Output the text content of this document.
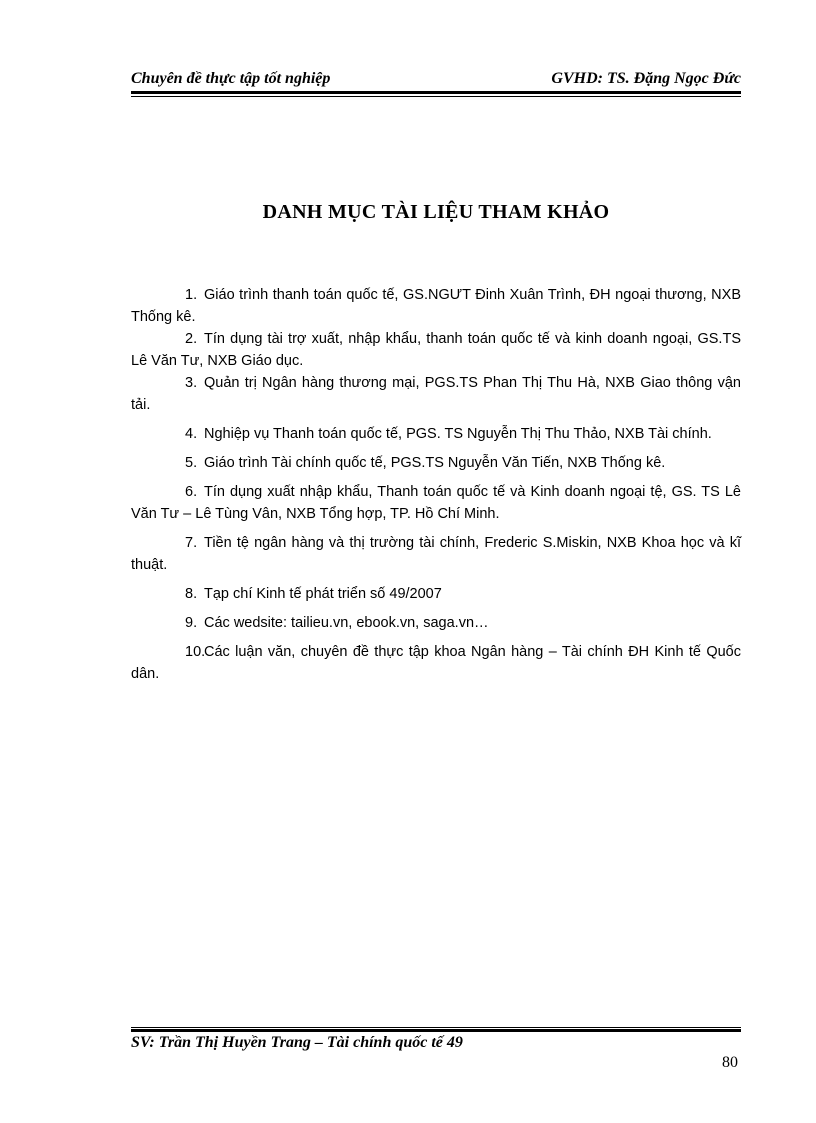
Chuyên đề thực tập tốt nghiệp	GVHD: TS. Đặng Ngọc Đức
DANH MỤC TÀI LIỆU THAM KHẢO

1. Giáo trình thanh toán quốc tế, GS.NGƯT Đinh Xuân Trình, ĐH ngoại thương, NXB Thống kê.

2. Tín dụng tài trợ xuất, nhập khẩu, thanh toán quốc tế và kinh doanh ngoại, GS.TS Lê Văn Tư, NXB Giáo dục.

3. Quản trị Ngân hàng thương mại, PGS.TS Phan Thị Thu Hà, NXB Giao thông vận tải.

4. Nghiệp vụ Thanh toán quốc tế, PGS. TS Nguyễn Thị Thu Thảo, NXB Tài chính.

5. Giáo trình Tài chính quốc tế, PGS.TS Nguyễn Văn Tiến, NXB Thống kê.

6. Tín dụng xuất nhập khẩu, Thanh toán quốc tế và Kinh doanh ngoại tệ, GS. TS Lê Văn Tư – Lê Tùng Vân, NXB Tổng hợp, TP. Hồ Chí Minh.

7. Tiền tệ ngân hàng và thị trường tài chính, Frederic S.Miskin, NXB Khoa học và kĩ thuật.

8. Tạp chí Kinh tế phát triển số 49/2007

9. Các wedsite: tailieu.vn, ebook.vn, saga.vn…

10.Các luận văn, chuyên đề thực tập khoa Ngân hàng – Tài chính ĐH Kinh tế Quốc dân.

SV: Trần Thị Huyền Trang – Tài chính quốc tế 49
80
